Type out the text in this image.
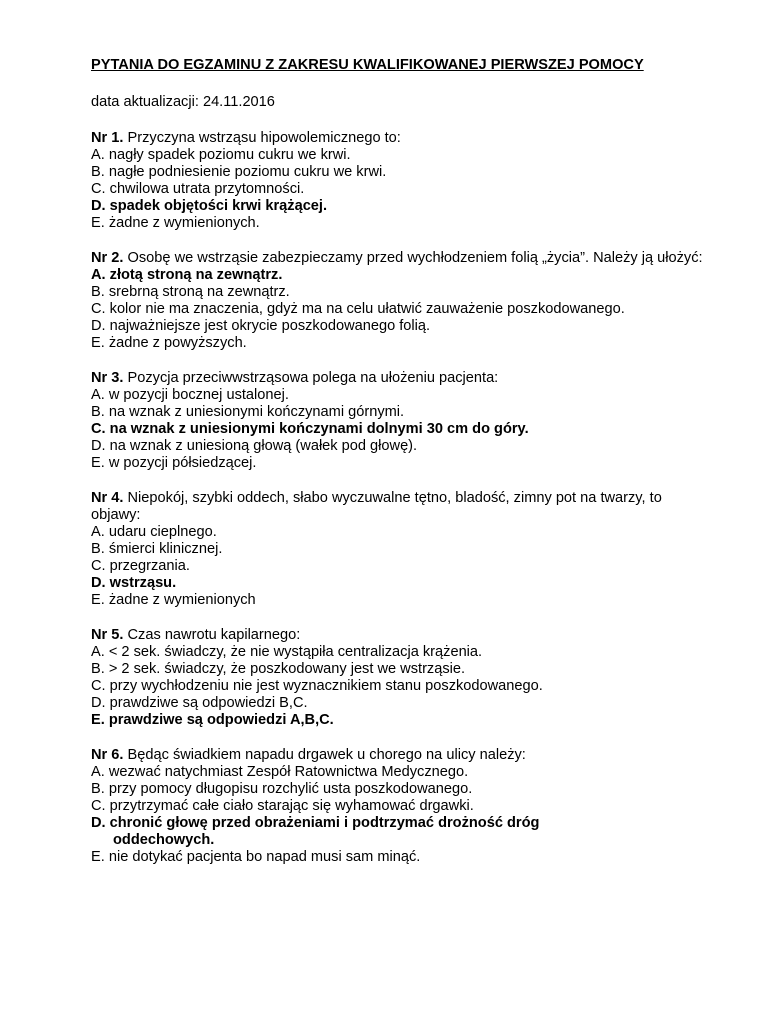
PYTANIA DO EGZAMINU Z ZAKRESU KWALIFIKOWANEJ PIERWSZEJ POMOCY

data aktualizacji: 24.11.2016

Nr 1. Przyczyna wstrząsu hipowolemicznego to:

A. nagły spadek poziomu cukru we krwi.
B. nagłe podniesienie poziomu cukru we krwi.
C. chwilowa utrata przytomności.
D. spadek objętości krwi krążącej.
E. żadne z wymienionych.

Nr 2. Osobę we wstrząsie zabezpieczamy przed wychłodzeniem folią „życia”. Należy ją ułożyć:

A. złotą stroną na zewnątrz.
B. srebrną stroną na zewnątrz.
C. kolor nie ma znaczenia, gdyż ma na celu ułatwić zauważenie poszkodowanego.
D. najważniejsze jest okrycie poszkodowanego folią.
E. żadne z powyższych.

Nr 3. Pozycja przeciwwstrząsowa polega na ułożeniu pacjenta:

A. w pozycji bocznej ustalonej.
B. na wznak z uniesionymi kończynami górnymi.
C. na wznak z uniesionymi kończynami dolnymi 30 cm do góry.
D. na wznak z uniesioną głową (wałek pod głowę).
E. w pozycji półsiedzącej.

Nr 4. Niepokój, szybki oddech, słabo wyczuwalne tętno, bladość, zimny pot na twarzy, to objawy:

A. udaru cieplnego.
B. śmierci klinicznej.
C. przegrzania.
D. wstrząsu.
E. żadne z wymienionych

Nr 5. Czas nawrotu kapilarnego:

A. < 2 sek. świadczy, że nie wystąpiła centralizacja krążenia.
B. > 2 sek. świadczy, że poszkodowany jest we wstrząsie.
C. przy wychłodzeniu nie jest wyznacznikiem stanu poszkodowanego.
D. prawdziwe są odpowiedzi B,C.
E. prawdziwe są odpowiedzi A,B,C.

Nr 6. Będąc świadkiem napadu drgawek u chorego na ulicy należy:

A. wezwać natychmiast Zespół Ratownictwa Medycznego.
B. przy pomocy długopisu rozchylić usta poszkodowanego.
C. przytrzymać całe ciało starając się wyhamować drgawki.
D. chronić głowę przed obrażeniami i podtrzymać drożność dróg
oddechowych.
E. nie dotykać pacjenta bo napad musi sam minąć.
